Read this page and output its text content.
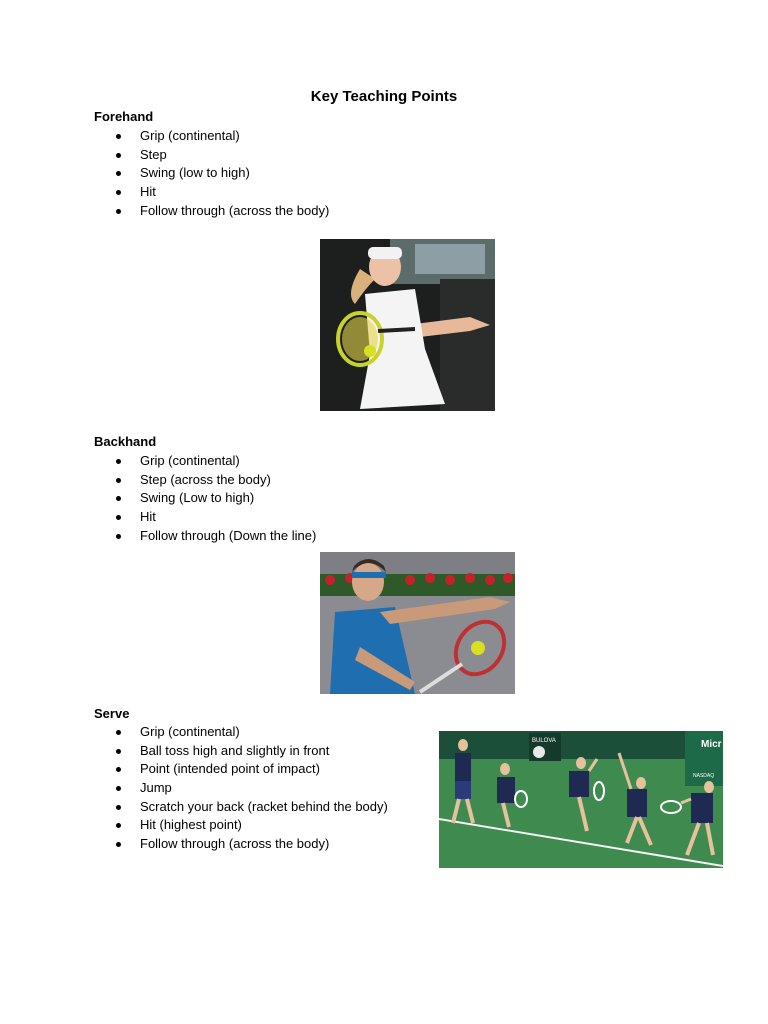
Key Teaching Points
Forehand
Grip (continental)
Step
Swing (low to high)
Hit
Follow through (across the body)
Backhand
Grip (continental)
Step (across the body)
Swing (Low to high)
Hit
Follow through (Down the line)
Serve
Grip (continental)
Ball toss high and slightly in front
Point (intended point of impact)
Jump
Scratch your back (racket behind the body)
Hit (highest point)
Follow through (across the body)
BULOVA	Micr
NASDAQ
